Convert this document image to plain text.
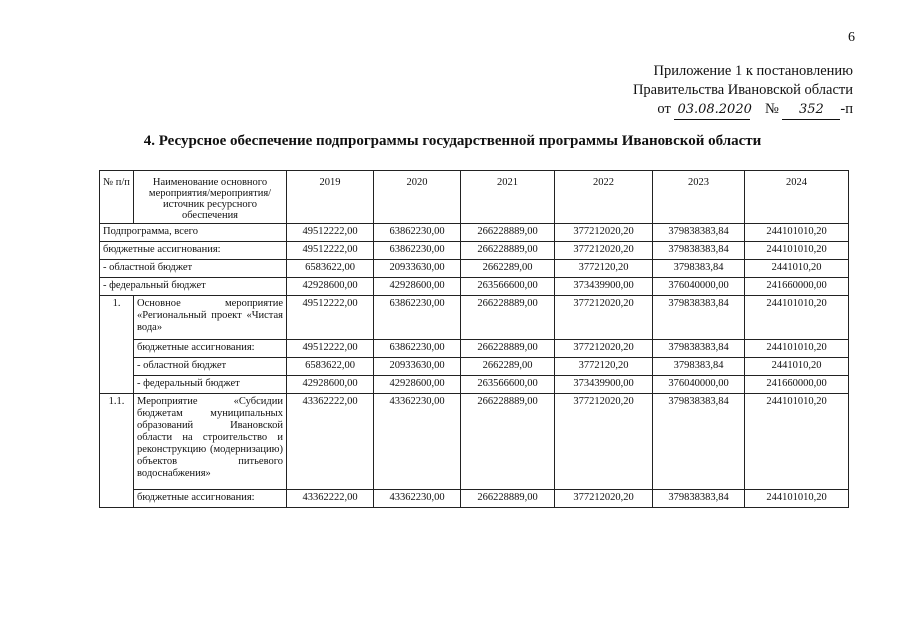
6
Приложение 1 к постановлению
Правительства Ивановской области
от 03.08.2020 № 352 -п
4. Ресурсное обеспечение подпрограммы государственной программы Ивановской области
№ п/п	Наименование основного мероприятия/мероприятия/ источник ресурсного обеспечения	2019	2020	2021	2022	2023	2024
Подпрограмма, всего		49512222,00	63862230,00	266228889,00	377212020,20	379838383,84	244101010,20
бюджетные ассигнования:		49512222,00	63862230,00	266228889,00	377212020,20	379838383,84	244101010,20
- областной бюджет		6583622,00	20933630,00	2662289,00	3772120,20	3798383,84	2441010,20
- федеральный бюджет		42928600,00	42928600,00	263566600,00	373439900,00	376040000,00	241660000,00
1.	Основное мероприятие «Региональный проект «Чистая вода»	49512222,00	63862230,00	266228889,00	377212020,20	379838383,84	244101010,20
	бюджетные ассигнования:	49512222,00	63862230,00	266228889,00	377212020,20	379838383,84	244101010,20
	- областной бюджет	6583622,00	20933630,00	2662289,00	3772120,20	3798383,84	2441010,20
	- федеральный бюджет	42928600,00	42928600,00	263566600,00	373439900,00	376040000,00	241660000,00
1.1.	Мероприятие «Субсидии бюджетам муниципальных образований Ивановской области на строительство и реконструкцию (модернизацию) объектов питьевого водоснабжения»	43362222,00	43362230,00	266228889,00	377212020,20	379838383,84	244101010,20
	бюджетные ассигнования:	43362222,00	43362230,00	266228889,00	377212020,20	379838383,84	244101010,20
